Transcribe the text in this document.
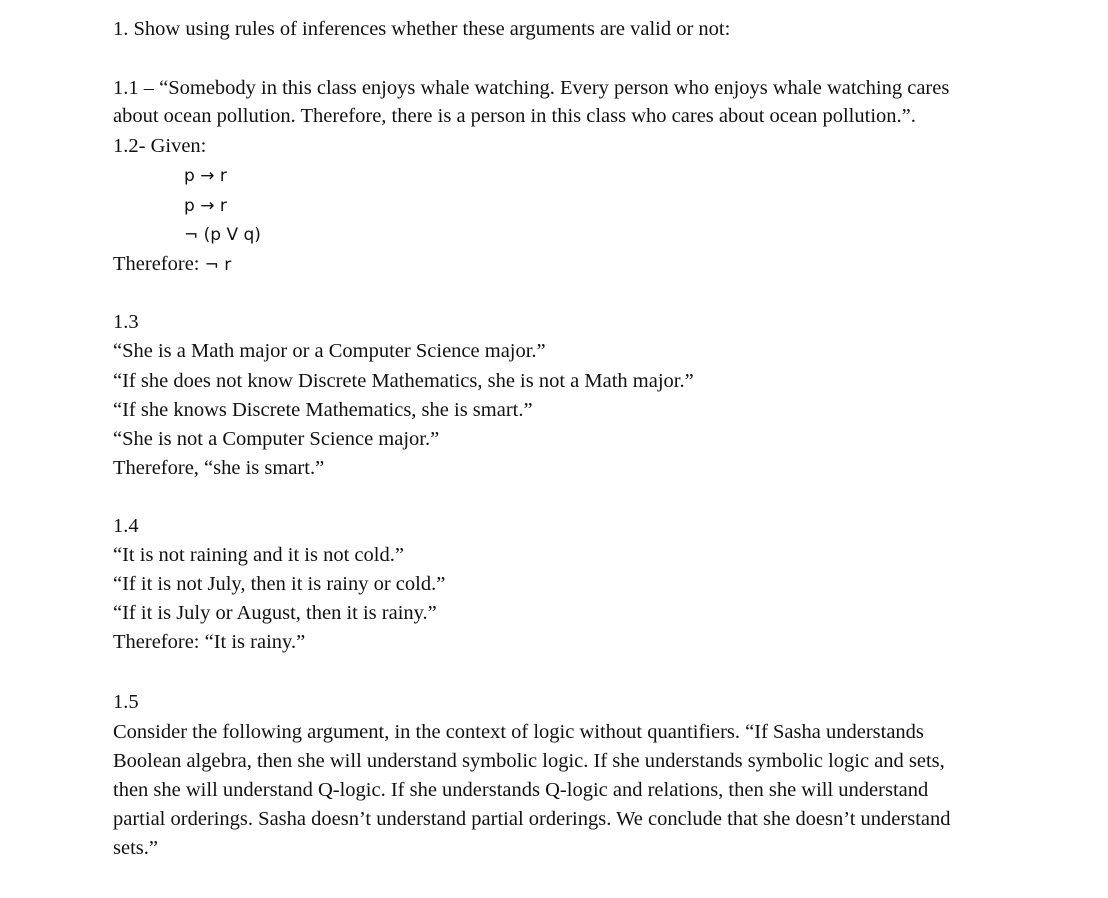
1. Show using rules of inferences whether these arguments are valid or not:
1.1 – “Somebody in this class enjoys whale watching. Every person who enjoys whale watching cares
about ocean pollution. Therefore, there is a person in this class who cares about ocean pollution.”.
1.2- Given:
p → r
p → r
¬ (p V q)
Therefore: ¬ r
1.3
“She is a Math major or a Computer Science major.”
“If she does not know Discrete Mathematics, she is not a Math major.”
“If she knows Discrete Mathematics, she is smart.”
“She is not a Computer Science major.”
Therefore, “she is smart.”
1.4
“It is not raining and it is not cold.”
“If it is not July, then it is rainy or cold.”
“If it is July or August, then it is rainy.”
Therefore: “It is rainy.”
1.5
Consider the following argument, in the context of logic without quantifiers. “If Sasha understands
Boolean algebra, then she will understand symbolic logic. If she understands symbolic logic and sets,
then she will understand Q-logic. If she understands Q-logic and relations, then she will understand
partial orderings. Sasha doesn’t understand partial orderings. We conclude that she doesn’t understand
sets.”
